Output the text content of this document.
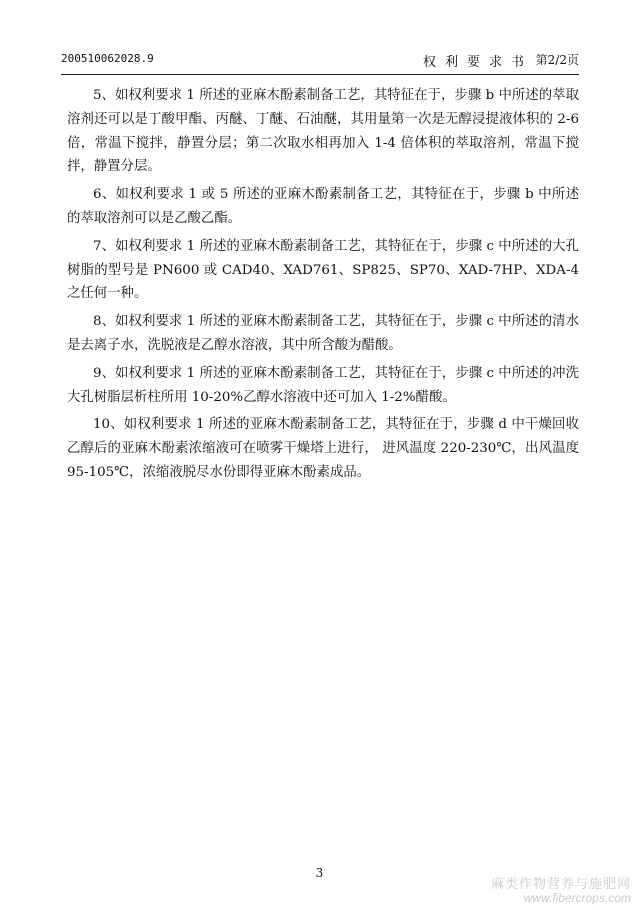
200510062028.9	权利要求书 第2/2页

5、如权利要求 1 所述的亚麻木酚素制备工艺，其特征在于，步骤 b 中所述的萃取溶剂还可以是丁酸甲酯、丙醚、丁醚、石油醚，其用量第一次是无醇浸提液体积的 2-6 倍，常温下搅拌，静置分层；第二次取水相再加入 1-4 倍体积的萃取溶剂，常温下搅拌，静置分层。

6、如权利要求 1 或 5 所述的亚麻木酚素制备工艺，其特征在于，步骤 b 中所述的萃取溶剂可以是乙酸乙酯。

7、如权利要求 1 所述的亚麻木酚素制备工艺，其特征在于，步骤 c 中所述的大孔树脂的型号是 PN600 或 CAD40、XAD761、SP825、SP70、XAD-7HP、XDA-4 之任何一种。

8、如权利要求 1 所述的亚麻木酚素制备工艺，其特征在于，步骤 c 中所述的清水是去离子水，洗脱液是乙醇水溶液，其中所含酸为醋酸。

9、如权利要求 1 所述的亚麻木酚素制备工艺，其特征在于，步骤 c 中所述的冲洗大孔树脂层析柱所用 10-20%乙醇水溶液中还可加入 1-2%醋酸。

10、如权利要求 1 所述的亚麻木酚素制备工艺，其特征在于，步骤 d 中干燥回收乙醇后的亚麻木酚素浓缩液可在喷雾干燥塔上进行， 进风温度 220-230℃，出风温度 95-105℃，浓缩液脱尽水份即得亚麻木酚素成品。

3
麻类作物营养与施肥网
www.fibercrops.com
